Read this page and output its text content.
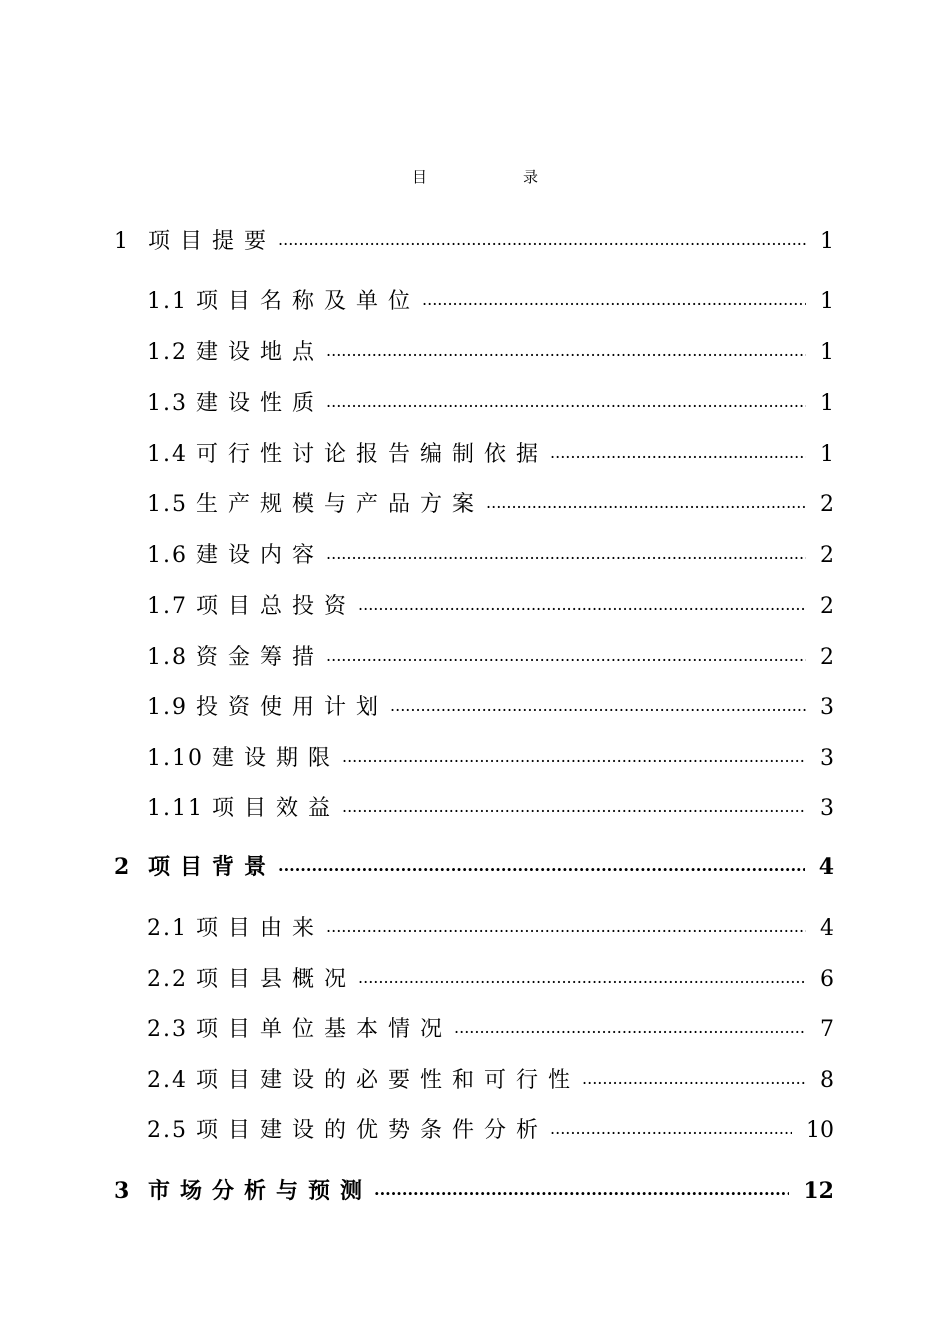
目	录
1 项目提要 .....	1
1.1 项目名称及单位 .....	1
1.2 建设地点 .....	1
1.3 建设性质 .....	1
1.4 可行性讨论报告编制依据 .....	1
1.5 生产规模与产品方案 .....	2
1.6 建设内容 .....	2
1.7 项目总投资 .....	2
1.8 资金筹措 .....	2
1.9 投资使用计划 .....	3
1.10 建设期限 .....	3
1.11 项目效益 .....	3
2 项目背景 .....	4
2.1 项目由来 .....	4
2.2 项目县概况 .....	6
2.3 项目单位基本情况 .....	7
2.4 项目建设的必要性和可行性 .....	8
2.5 项目建设的优势条件分析 .....	10
3 市场分析与预测 .....	12
